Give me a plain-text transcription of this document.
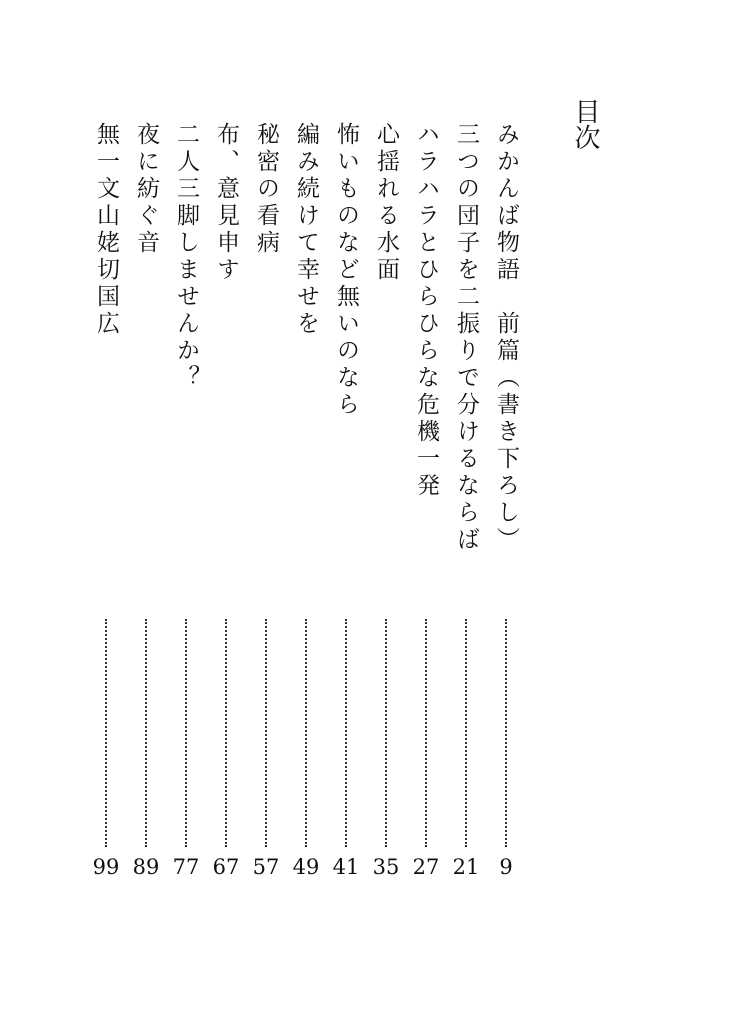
目次
みかんば物語　前篇（書き下ろし）
9
三つの団子を二振りで分けるならば
21
ハラハラとひらひらな危機一発
27
心揺れる水面
35
怖いものなど無いのなら
41
編み続けて幸せを
49
秘密の看病
57
布、意見申す
67
二人三脚しませんか？
77
夜に紡ぐ音
89
無一文山姥切国広
99
